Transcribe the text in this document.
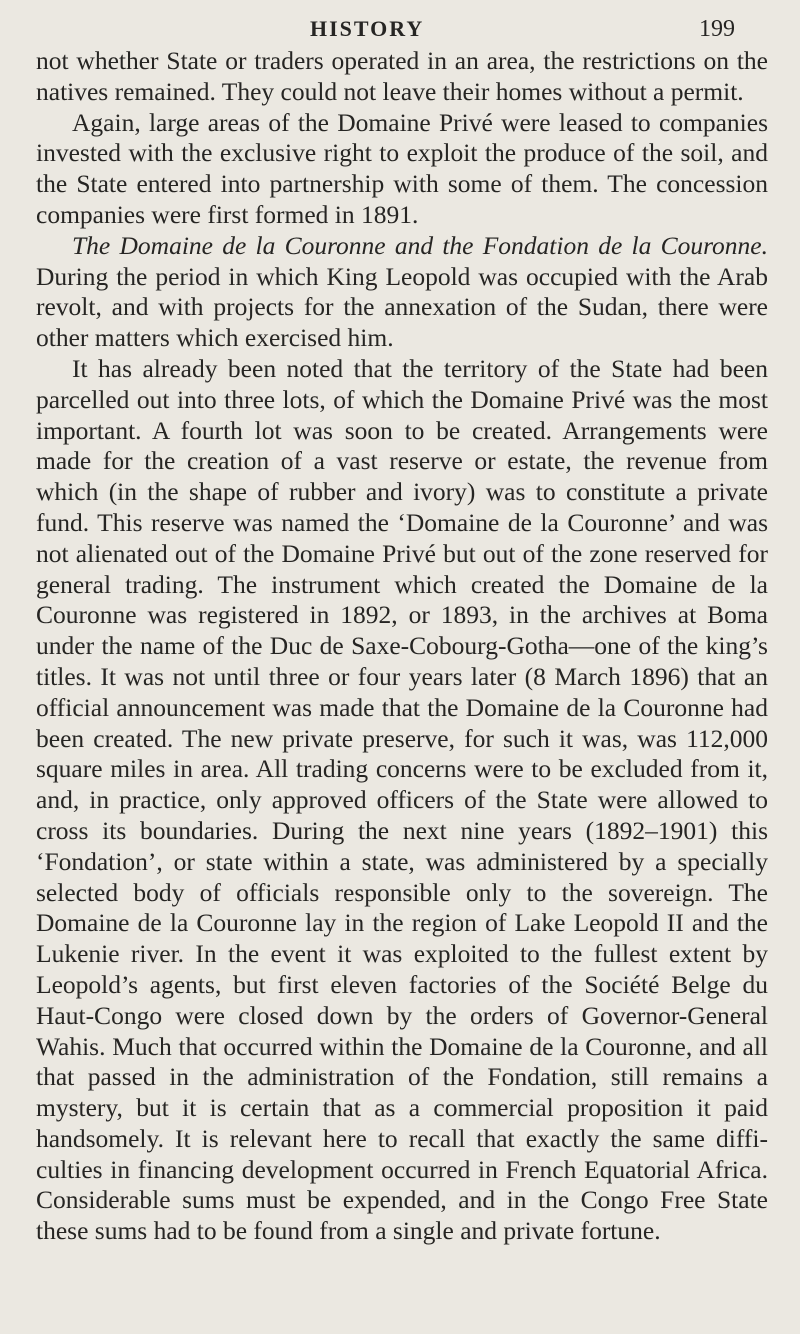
HISTORY	199

not whether State or traders operated in an area, the restrictions on the natives remained. They could not leave their homes without a permit.

Again, large areas of the Domaine Privé were leased to companies invested with the exclusive right to exploit the produce of the soil, and the State entered into partnership with some of them. The concession companies were first formed in 1891.

The Domaine de la Couronne and the Fondation de la Couronne. During the period in which King Leopold was occupied with the Arab revolt, and with projects for the annexation of the Sudan, there were other matters which exercised him.

It has already been noted that the territory of the State had been parcelled out into three lots, of which the Domaine Privé was the most important. A fourth lot was soon to be created. Arrangements were made for the creation of a vast reserve or estate, the revenue from which (in the shape of rubber and ivory) was to constitute a private fund. This reserve was named the ‘Domaine de la Couronne’ and was not alienated out of the Domaine Privé but out of the zone reserved for general trading. The instrument which created the Domaine de la Couronne was registered in 1892, or 1893, in the archives at Boma under the name of the Duc de Saxe-Cobourg-Gotha—one of the king’s titles. It was not until three or four years later (8 March 1896) that an official announcement was made that the Domaine de la Couronne had been created. The new private preserve, for such it was, was 112,000 square miles in area. All trading concerns were to be excluded from it, and, in practice, only approved officers of the State were allowed to cross its boundaries. During the next nine years (1892–1901) this ‘Fondation’, or state within a state, was administered by a specially selected body of officials responsible only to the sovereign. The Domaine de la Couronne lay in the region of Lake Leopold II and the Lukenie river. In the event it was exploited to the fullest extent by Leopold’s agents, but first eleven factories of the Société Belge du Haut-Congo were closed down by the orders of Governor-General Wahis. Much that occurred within the Domaine de la Couronne, and all that passed in the administration of the Fondation, still remains a mystery, but it is certain that as a commercial proposition it paid handsomely. It is relevant here to recall that exactly the same difficulties in financing development occurred in French Equatorial Africa. Considerable sums must be expended, and in the Congo Free State these sums had to be found from a single and private fortune.
